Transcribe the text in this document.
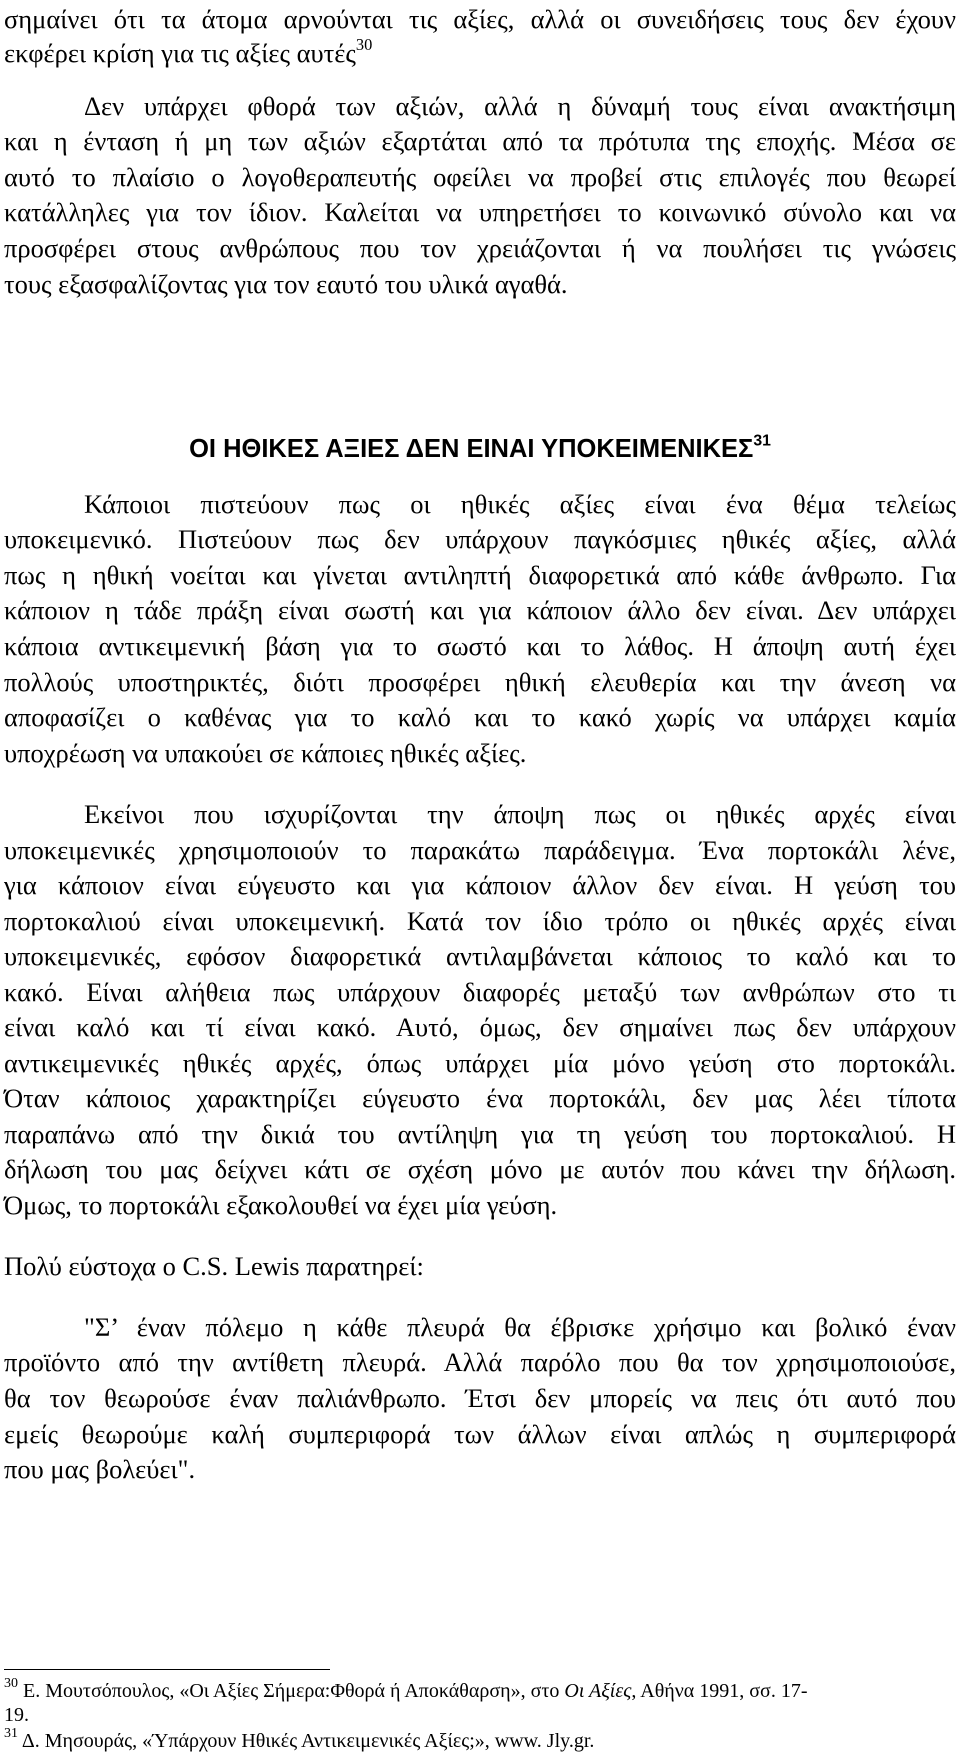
σημαίνει ότι τα άτομα αρνούνται τις αξίες, αλλά οι συνειδήσεις τους δεν έχουν
εκφέρει κρίση για τις αξίες αυτές$^{30}$
Δεν υπάρχει φθορά των αξιών, αλλά η δύναμή τους είναι ανακτήσιμη
και η ένταση ή μη των αξιών εξαρτάται από τα πρότυπα της εποχής. Μέσα σε
αυτό το πλαίσιο ο λογοθεραπευτής οφείλει να προβεί στις επιλογές που θεωρεί
κατάλληλες για τον ίδιον. Καλείται να υπηρετήσει το κοινωνικό σύνολο και να
προσφέρει στους ανθρώπους που τον χρειάζονται ή να πουλήσει τις γνώσεις
τους εξασφαλίζοντας για τον εαυτό του υλικά αγαθά.
ΟΙ ΗΘΙΚΕΣ ΑΞΙΕΣ ΔΕΝ ΕΙΝΑΙ ΥΠΟΚΕΙΜΕΝΙΚΕΣ$^{31}$
Κάποιοι πιστεύουν πως οι ηθικές αξίες είναι ένα θέμα τελείως
υποκειμενικό. Πιστεύουν πως δεν υπάρχουν παγκόσμιες ηθικές αξίες, αλλά
πως η ηθική νοείται και γίνεται αντιληπτή διαφορετικά από κάθε άνθρωπο. Για
κάποιον η τάδε πράξη είναι σωστή και για κάποιον άλλο δεν είναι. Δεν υπάρχει
κάποια αντικειμενική βάση για το σωστό και το λάθος. Η άποψη αυτή έχει
πολλούς υποστηρικτές, διότι προσφέρει ηθική ελευθερία και την άνεση να
αποφασίζει ο καθένας για το καλό και το κακό χωρίς να υπάρχει καμία
υποχρέωση να υπακούει σε κάποιες ηθικές αξίες.
Εκείνοι που ισχυρίζονται την άποψη πως οι ηθικές αρχές είναι
υποκειμενικές χρησιμοποιούν το παρακάτω παράδειγμα. Ένα πορτοκάλι λένε,
για κάποιον είναι εύγευστο και για κάποιον άλλον δεν είναι. Η γεύση του
πορτοκαλιού είναι υποκειμενική. Κατά τον ίδιο τρόπο οι ηθικές αρχές είναι
υποκειμενικές, εφόσον διαφορετικά αντιλαμβάνεται κάποιος το καλό και το
κακό. Είναι αλήθεια πως υπάρχουν διαφορές μεταξύ των ανθρώπων στο τι
είναι καλό και τί είναι κακό. Αυτό, όμως, δεν σημαίνει πως δεν υπάρχουν
αντικειμενικές ηθικές αρχές, όπως υπάρχει μία μόνο γεύση στο πορτοκάλι.
Όταν κάποιος χαρακτηρίζει εύγευστο ένα πορτοκάλι, δεν μας λέει τίποτα
παραπάνω από την δικιά του αντίληψη για τη γεύση του πορτοκαλιού. Η
δήλωση του μας δείχνει κάτι σε σχέση μόνο με αυτόν που κάνει την δήλωση.
Όμως, το πορτοκάλι εξακολουθεί να έχει μία γεύση.
Πολύ εύστοχα ο C.S. Lewis παρατηρεί:
"Σ’ έναν πόλεμο η κάθε πλευρά θα έβρισκε χρήσιμο και βολικό έναν
προϊόντο από την αντίθετη πλευρά. Αλλά παρόλο που θα τον χρησιμοποιούσε,
θα τον θεωρούσε έναν παλιάνθρωπο. Έτσι δεν μπορείς να πεις ότι αυτό που
εμείς θεωρούμε καλή συμπεριφορά των άλλων είναι απλώς η συμπεριφορά
που μας βολεύει".
$^{30}$ Ε. Μουτσόπουλος, «Οι Αξίες Σήμερα:Φθορά ή Αποκάθαρση», στο Οι Αξίες, Αθήνα 1991, σσ. 17-
19.
$^{31}$ Δ. Μησουράς, «Ύπάρχουν Ηθικές Αντικειμενικές Αξίες;», www. Jly.gr.
